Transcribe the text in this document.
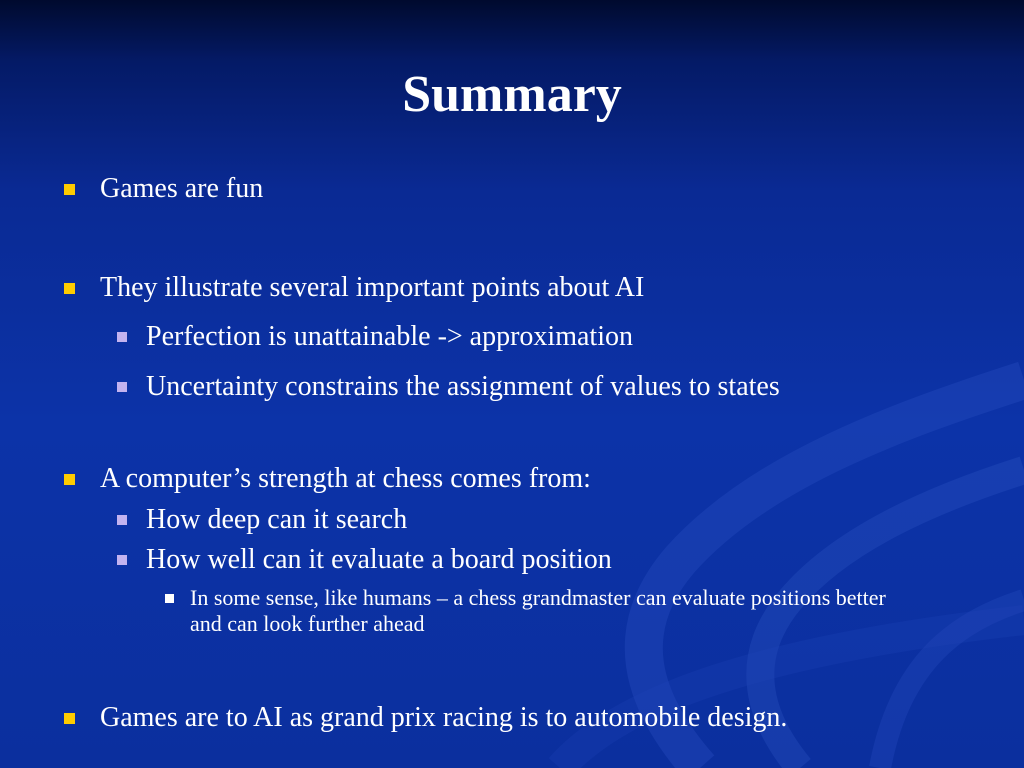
Summary
Games are fun
They illustrate several important points about AI
Perfection is unattainable -> approximation
Uncertainty constrains the assignment of values to states
A computer’s strength at chess comes from:
How deep can it search
How well can it evaluate a board position
In some sense, like humans – a chess grandmaster can evaluate positions better and can look further ahead
Games are to AI as grand prix racing is to automobile design.
